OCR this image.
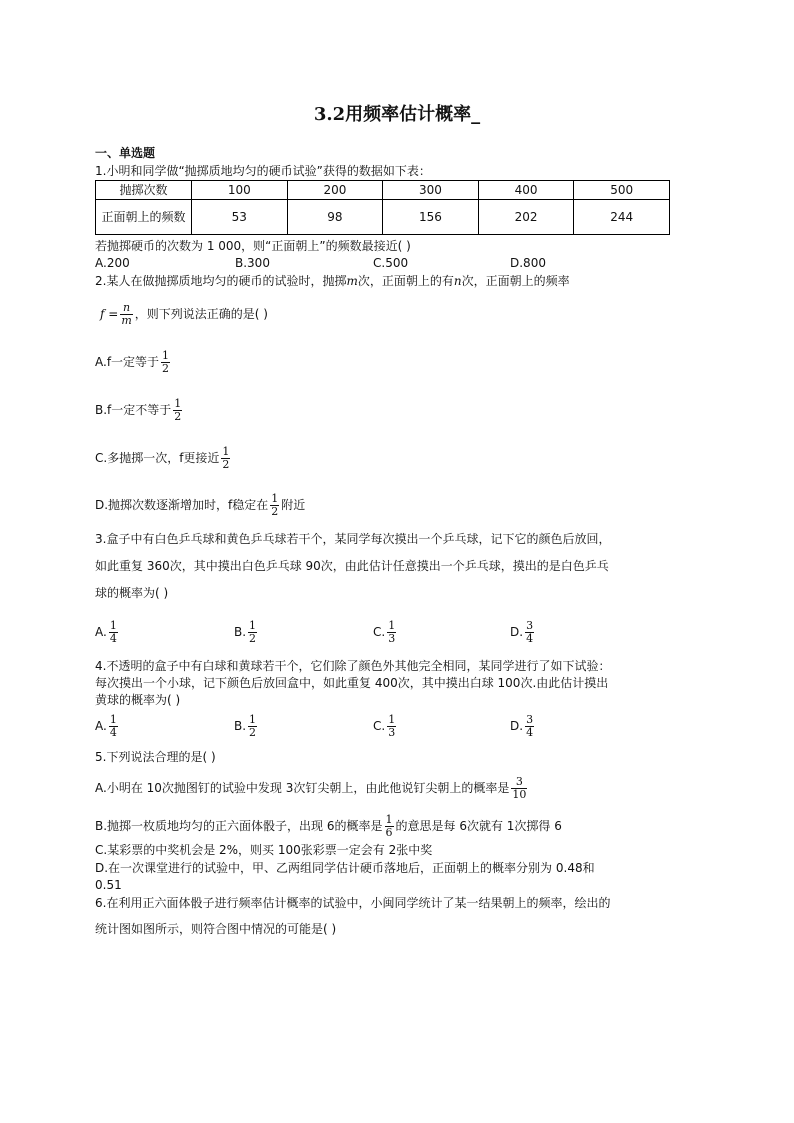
3.2用频率估计概率_
一、单选题
1.小明和同学做“抛掷质地均匀的硬币试验”获得的数据如下表：
抛掷次数	100	200	300	400	500
正面朝上的频数	53	98	156	202	244
若抛掷硬币的次数为 1 000，则“正面朝上”的频数最接近( )
A.200	B.300	C.500	D.800
2.某人在做抛掷质地均匀的硬币的试验时，抛掷m次，正面朝上的有n次，正面朝上的频率
$f = \frac{n}{m}$ ，则下列说法正确的是( )
A.f一定等于 $\frac{1}{2}$
B.f一定不等于 $\frac{1}{2}$
C.多抛掷一次，f更接近 $\frac{1}{2}$
D.抛掷次数逐渐增加时，f稳定在 $\frac{1}{2}$ 附近
3.盒子中有白色乒乓球和黄色乒乓球若干个，某同学每次摸出一个乒乓球，记下它的颜色后放回，
如此重复 360次，其中摸出白色乒乓球 90次，由此估计任意摸出一个乒乓球，摸出的是白色乒乓
球的概率为( )
A. $\frac{1}{4}$	B. $\frac{1}{2}$	C. $\frac{1}{3}$	D. $\frac{3}{4}$
4.不透明的盒子中有白球和黄球若干个，它们除了颜色外其他完全相同，某同学进行了如下试验：
每次摸出一个小球，记下颜色后放回盒中，如此重复 400次，其中摸出白球 100次.由此估计摸出
黄球的概率为( )
A. $\frac{1}{4}$	B. $\frac{1}{2}$	C. $\frac{1}{3}$	D. $\frac{3}{4}$
5.下列说法合理的是( )
A.小明在 10次抛图钉的试验中发现 3次钉尖朝上，由此他说钉尖朝上的概率是 $\frac{3}{10}$
B.抛掷一枚质地均匀的正六面体骰子，出现 6的概率是 $\frac{1}{6}$ 的意思是每 6次就有 1次掷得 6
C.某彩票的中奖机会是 2%，则买 100张彩票一定会有 2张中奖
D.在一次课堂进行的试验中，甲、乙两组同学估计硬币落地后，正面朝上的概率分别为 0.48和
0.51
6.在利用正六面体骰子进行频率估计概率的试验中，小闽同学统计了某一结果朝上的频率，绘出的
统计图如图所示，则符合图中情况的可能是( )
